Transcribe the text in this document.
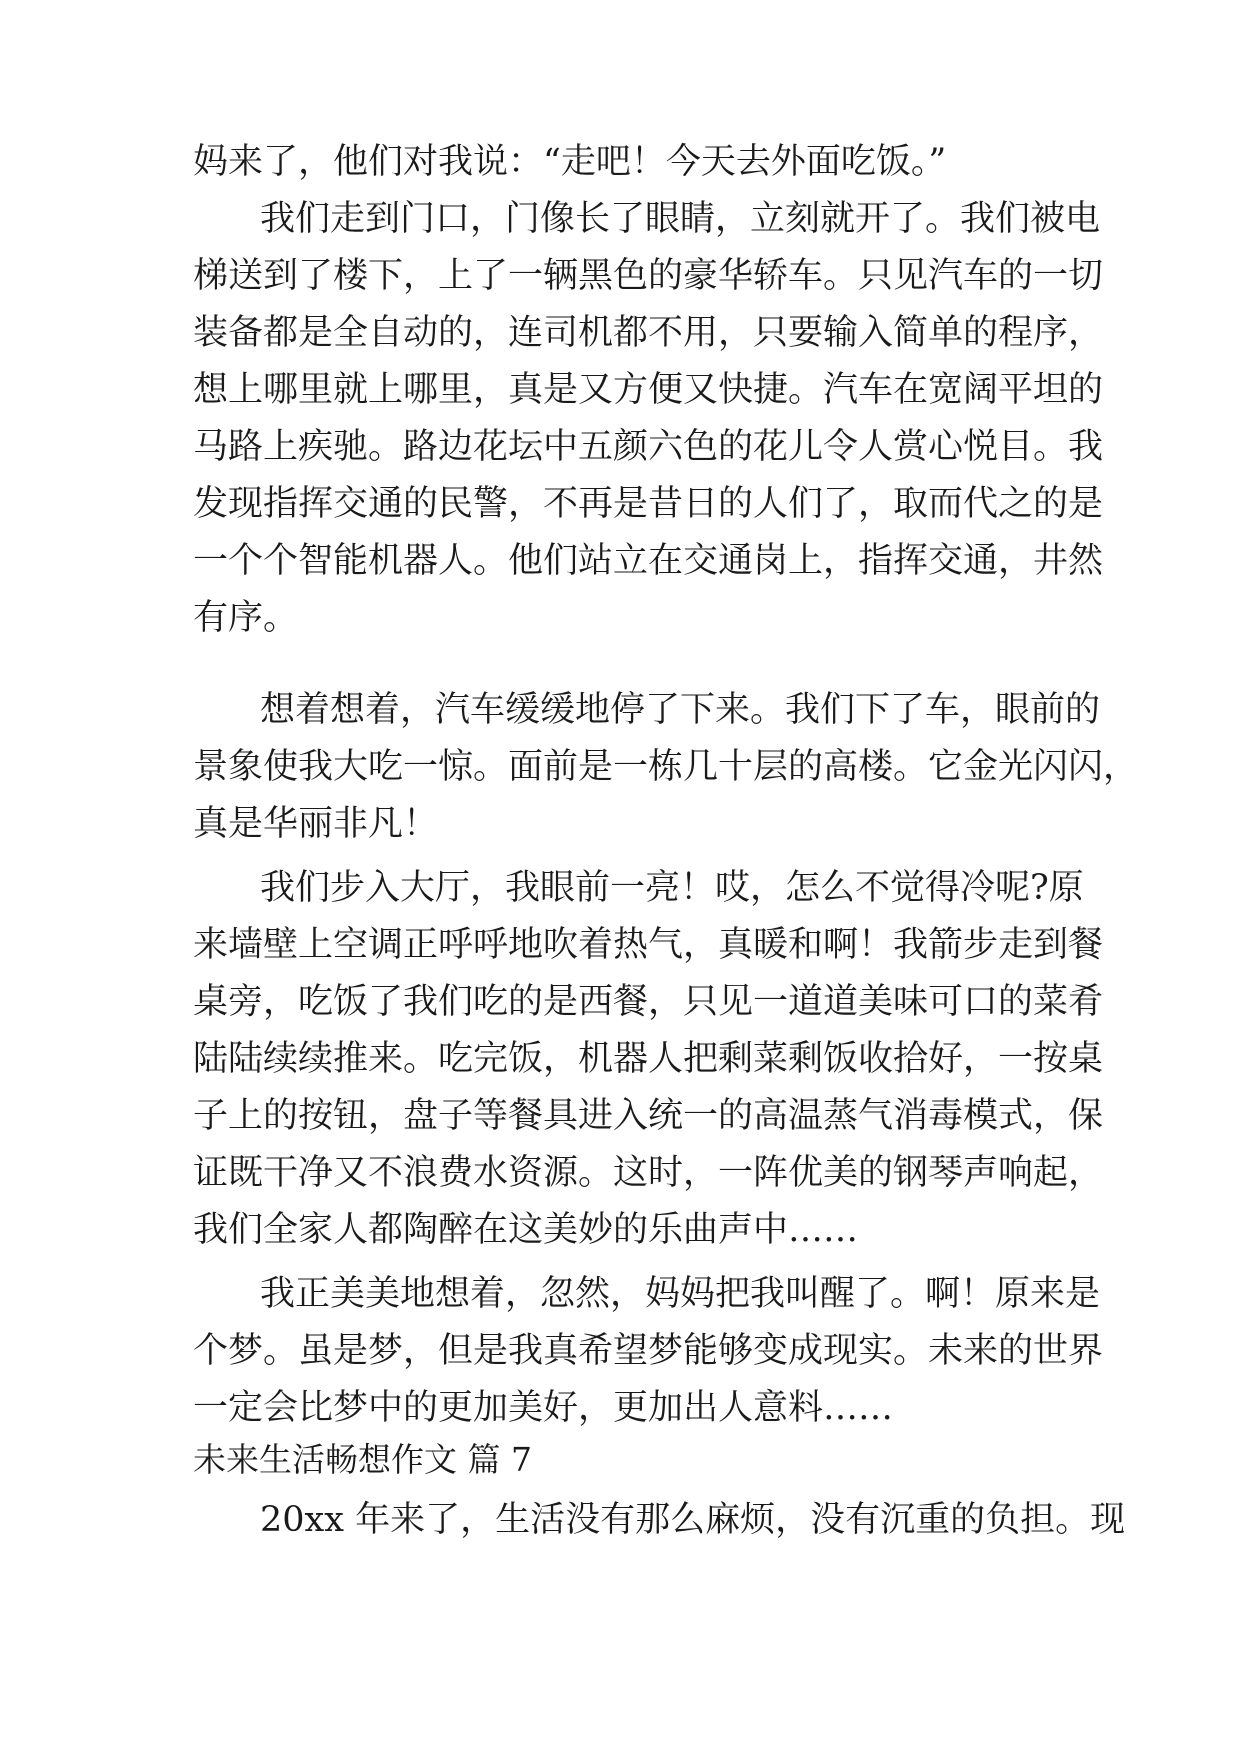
妈来了，他们对我说：“走吧！今天去外面吃饭。”
我们走到门口，门像长了眼睛，立刻就开了。我们被电
梯送到了楼下，上了一辆黑色的豪华轿车。只见汽车的一切
装备都是全自动的，连司机都不用，只要输入简单的程序，
想上哪里就上哪里，真是又方便又快捷。汽车在宽阔平坦的
马路上疾驰。路边花坛中五颜六色的花儿令人赏心悦目。我
发现指挥交通的民警，不再是昔日的人们了，取而代之的是
一个个智能机器人。他们站立在交通岗上，指挥交通，井然
有序。
想着想着，汽车缓缓地停了下来。我们下了车，眼前的
景象使我大吃一惊。面前是一栋几十层的高楼。它金光闪闪，
真是华丽非凡！
我们步入大厅，我眼前一亮！哎，怎么不觉得冷呢?原
来墙壁上空调正呼呼地吹着热气，真暖和啊！我箭步走到餐
桌旁，吃饭了我们吃的是西餐，只见一道道美味可口的菜肴
陆陆续续推来。吃完饭，机器人把剩菜剩饭收拾好，一按桌
子上的按钮，盘子等餐具进入统一的高温蒸气消毒模式，保
证既干净又不浪费水资源。这时，一阵优美的钢琴声响起，
我们全家人都陶醉在这美妙的乐曲声中……
我正美美地想着，忽然，妈妈把我叫醒了。啊！原来是
个梦。虽是梦，但是我真希望梦能够变成现实。未来的世界
一定会比梦中的更加美好，更加出人意料……
未来生活畅想作文 篇 7
20xx 年来了，生活没有那么麻烦，没有沉重的负担。现
